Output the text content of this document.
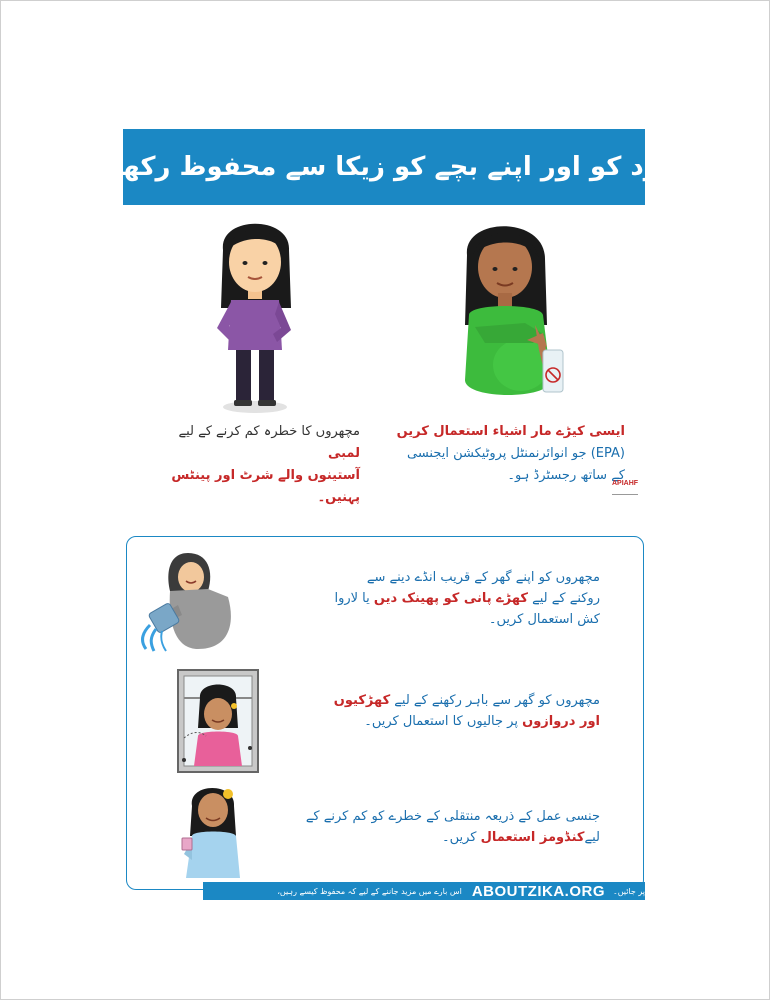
خود کو اور اپنے بچے کو زیکا سے محفوظ رکھیں
مچھروں کا خطرہ کم کرنے کے لیے لمبی
آستینوں والے شرٹ اور پینٹس پہنیں۔
ایسی کیڑے مار اشیاء استعمال کریں
(EPA) جو انوائرنمنٹل پروٹیکشن ایجنسی
کے ساتھ رجسٹرڈ ہو۔
APIAHF
مچھروں کو اپنے گھر کے قریب انڈے دینے سے
روکنے کے لیے کھڑے پانی کو پھینک دیں یا لاروا
کش استعمال کریں۔
مچھروں کو گھر سے باہر رکھنے کے لیے کھڑکیوں
اور دروازوں پر جالیوں کا استعمال کریں۔
جنسی عمل کے ذریعہ منتقلی کے خطرے کو کم کرنے کے
لیےکنڈومز استعمال کریں۔
اس بارے میں مزید جاننے کے لیے کہ محفوظ کیسے رہیں، ABOUTZIKA.ORG پر جائیں۔
